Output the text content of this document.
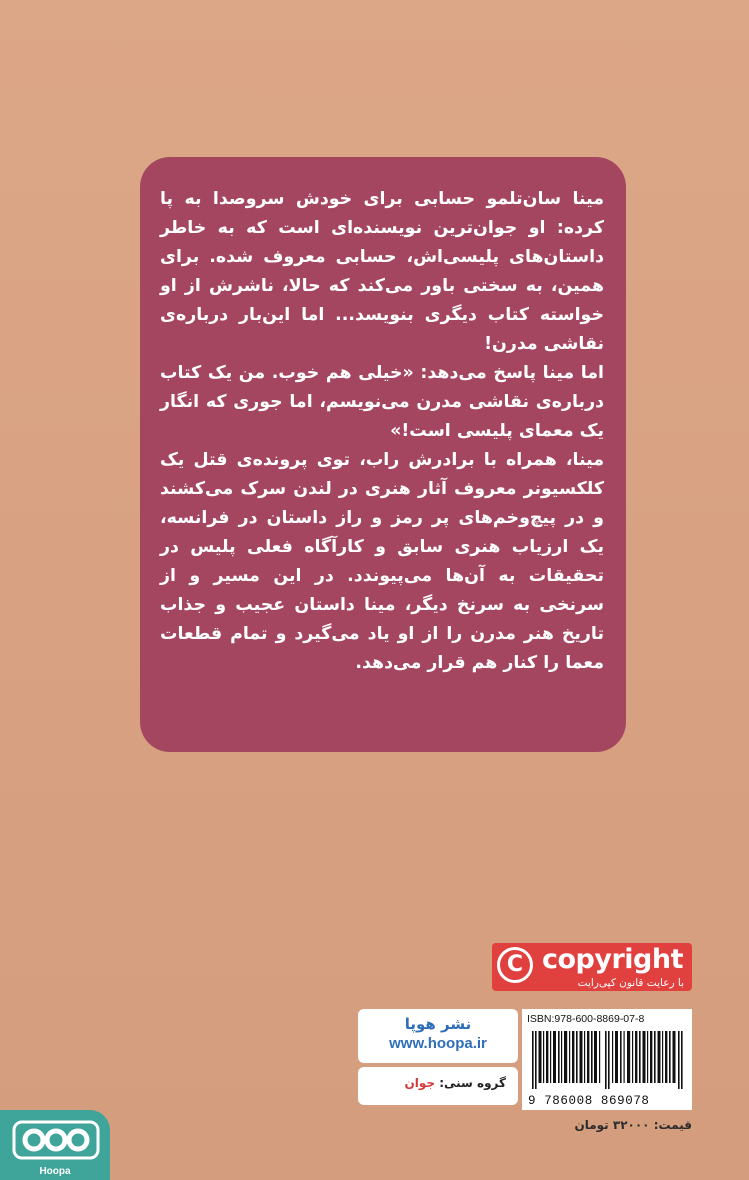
مینا سان‌تلمو حسابی برای خودش سروصدا به پا کرده: او جوان‌ترین نویسنده‌ای است که به خاطر داستان‌های پلیسی‌اش، حسابی معروف شده. برای همین، به سختی باور می‌کند که حالا، ناشرش از او خواسته کتاب دیگری بنویسد... اما این‌بار درباره‌ی نقاشی مدرن!

اما مینا پاسخ می‌دهد: «خیلی هم خوب. من یک کتاب درباره‌ی نقاشی مدرن می‌نویسم، اما جوری که انگار یک معمای پلیسی است!»

مینا، همراه با برادرش راب، توی پرونده‌ی قتل یک کلکسیونر معروف آثار هنری در لندن سرک می‌کشند و در پیچ‌وخم‌های پر رمز و راز داستان در فرانسه، یک ارزیاب هنری سابق و کارآگاه فعلی پلیس در تحقیقات به آن‌ها می‌پیوندد. در این مسیر و از سرنخی به سرنخ دیگر، مینا داستان عجیب و جذاب تاریخ هنر مدرن را از او یاد می‌گیرد و تمام قطعات معما را کنار هم قرار می‌دهد.

C copyright
با رعایت قانون کپی‌رایت
نشر هوپا
www.hoopa.ir
گروه سنی: جوان
ISBN:978-600-8869-07-8
9 786008 869078
قیمت: ۳۲۰۰۰ تومان
Hoopa
